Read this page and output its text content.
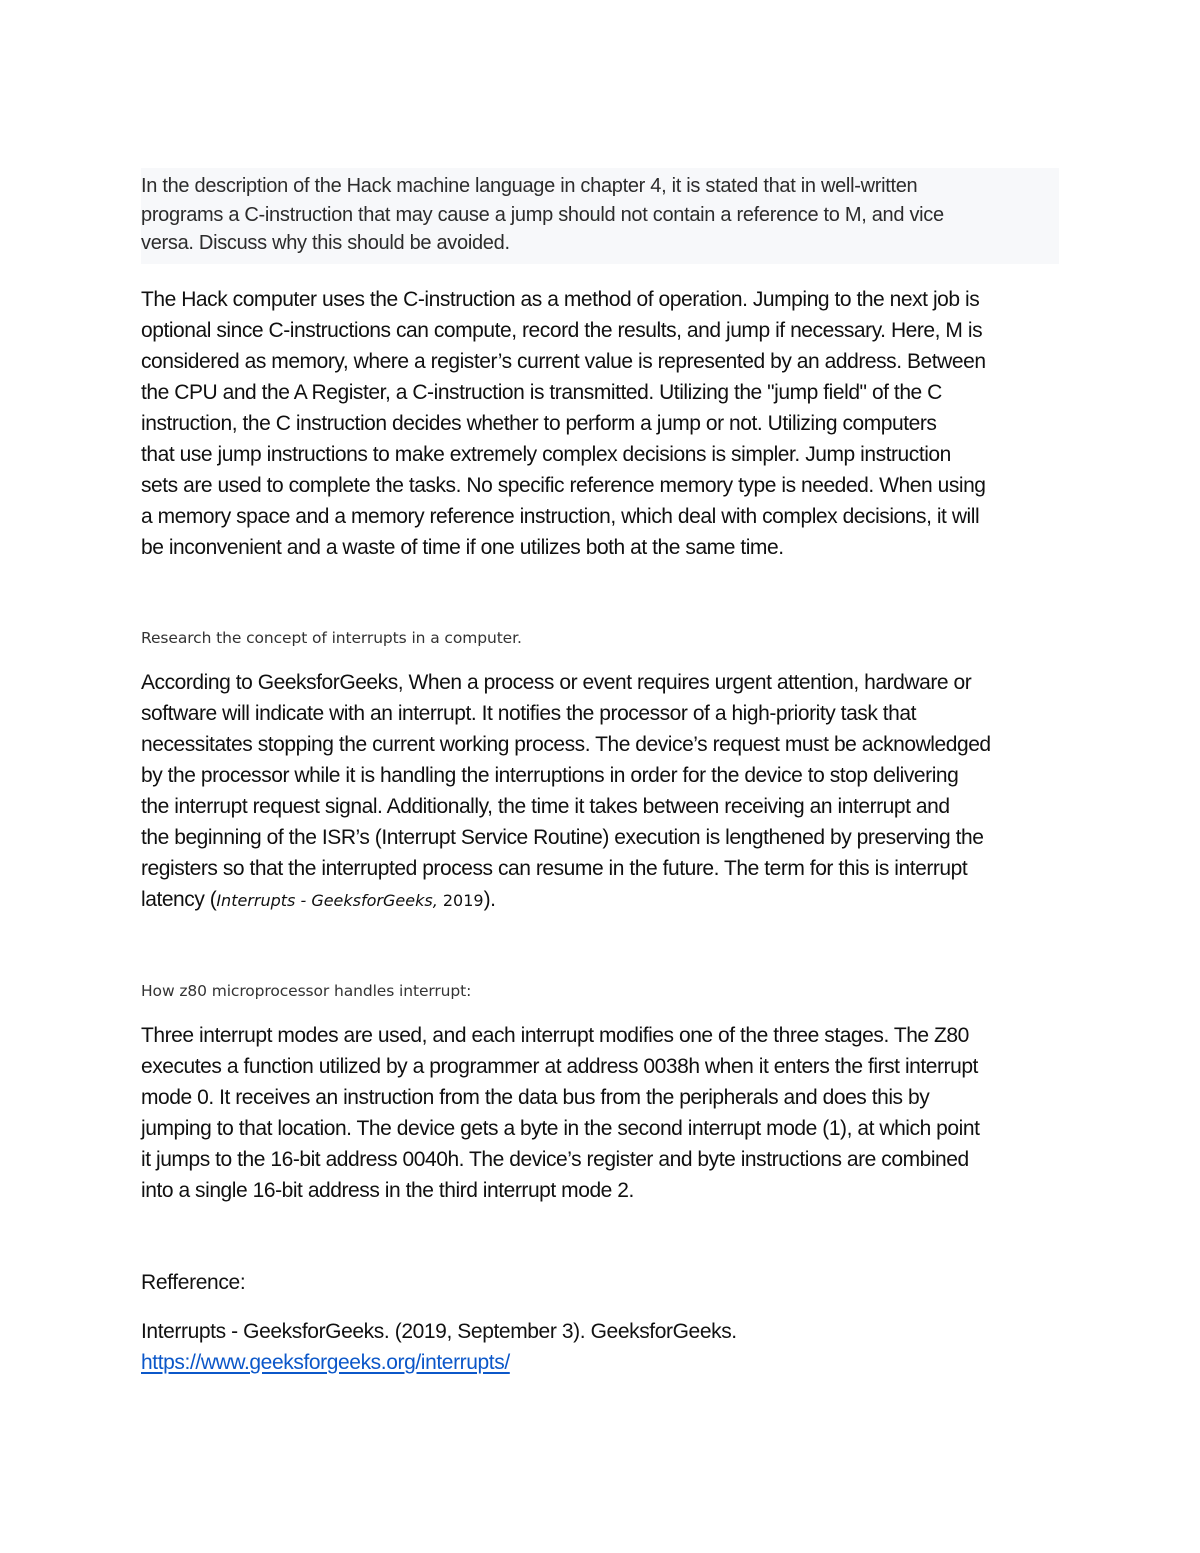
In the description of the Hack machine language in chapter 4, it is stated that in well-written
programs a C-instruction that may cause a jump should not contain a reference to M, and vice
versa. Discuss why this should be avoided.

The Hack computer uses the C-instruction as a method of operation. Jumping to the next job is
optional since C-instructions can compute, record the results, and jump if necessary. Here, M is
considered as memory, where a register’s current value is represented by an address. Between
the CPU and the A Register, a C-instruction is transmitted. Utilizing the "jump field" of the C
instruction, the C instruction decides whether to perform a jump or not. Utilizing computers
that use jump instructions to make extremely complex decisions is simpler. Jump instruction
sets are used to complete the tasks. No specific reference memory type is needed. When using
a memory space and a memory reference instruction, which deal with complex decisions, it will
be inconvenient and a waste of time if one utilizes both at the same time.

Research the concept of interrupts in a computer.

According to GeeksforGeeks, When a process or event requires urgent attention, hardware or
software will indicate with an interrupt. It notifies the processor of a high-priority task that
necessitates stopping the current working process. The device’s request must be acknowledged
by the processor while it is handling the interruptions in order for the device to stop delivering
the interrupt request signal. Additionally, the time it takes between receiving an interrupt and
the beginning of the ISR’s (Interrupt Service Routine) execution is lengthened by preserving the
registers so that the interrupted process can resume in the future. The term for this is interrupt
latency (Interrupts - GeeksforGeeks, 2019).

How z80 microprocessor handles interrupt:

Three interrupt modes are used, and each interrupt modifies one of the three stages. The Z80
executes a function utilized by a programmer at address 0038h when it enters the first interrupt
mode 0. It receives an instruction from the data bus from the peripherals and does this by
jumping to that location. The device gets a byte in the second interrupt mode (1), at which point
it jumps to the 16-bit address 0040h. The device’s register and byte instructions are combined
into a single 16-bit address in the third interrupt mode 2.

Refference:

Interrupts - GeeksforGeeks. (2019, September 3). GeeksforGeeks.
https://www.geeksforgeeks.org/interrupts/
